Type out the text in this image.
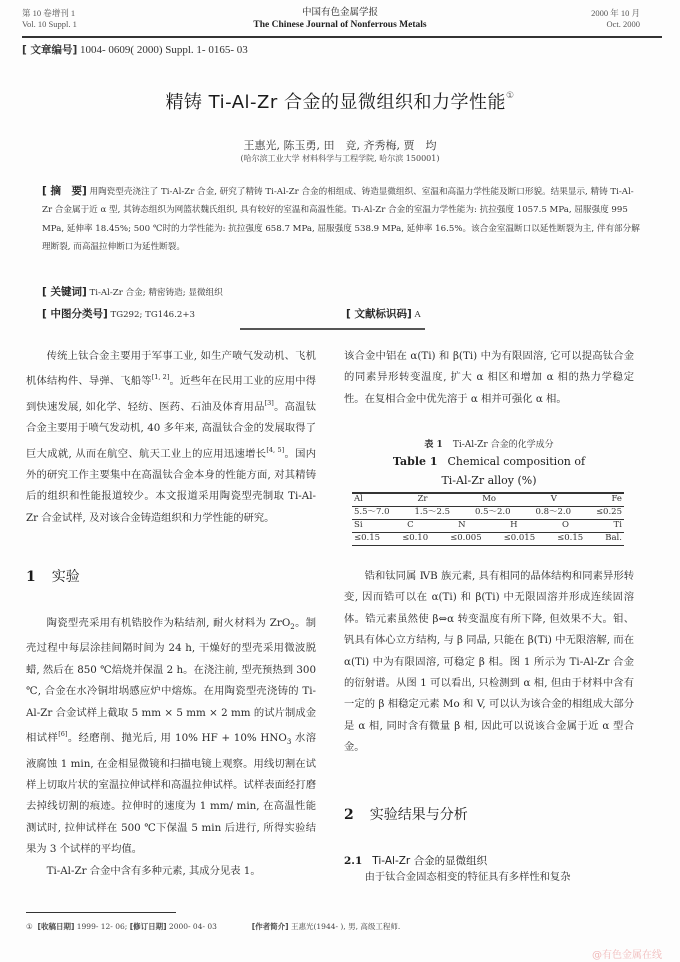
第 10 卷增刊 1
Vol. 10 Suppl. 1
中国有色金属学报
The Chinese Journal of Nonferrous Metals
2000 年 10 月
Oct. 2000
[ 文章编号] 1004- 0609( 2000) Suppl. 1- 0165- 03
精铸 Ti-Al-Zr 合金的显微组织和力学性能①
王惠光, 陈玉勇, 田　竞, 齐秀梅, 贾　均
(哈尔滨工业大学 材料科学与工程学院, 哈尔滨 150001)
[ 摘　要] 用陶瓷型壳浇注了 Ti-Al-Zr 合金, 研究了精铸 Ti-Al-Zr 合金的相组成、铸造显微组织、室温和高温力学性能及断口形貌。结果显示, 精铸 Ti-Al-Zr 合金属于近 α 型, 其铸态组织为网篮状魏氏组织, 具有较好的室温和高温性能。Ti-Al-Zr 合金的室温力学性能为: 抗拉强度 1057.5 MPa, 屈服强度 995 MPa, 延伸率 18.45%; 500 ℃时的力学性能为: 抗拉强度 658.7 MPa, 屈服强度 538.9 MPa, 延伸率 16.5%。该合金室温断口以延性断裂为主, 伴有部分解理断裂, 而高温拉伸断口为延性断裂。
[ 关键词] Ti-Al-Zr 合金; 精密铸造; 显微组织
[ 中图分类号] TG292; TG146.2+3	[ 文献标识码] A

传统上钛合金主要用于军事工业, 如生产喷气发动机、飞机机体结构件、导弹、飞船等[1, 2]。近些年在民用工业的应用中得到快速发展, 如化学、轻纺、医药、石油及体育用品[3]。高温钛合金主要用于喷气发动机, 40 多年来, 高温钛合金的发展取得了巨大成就, 从而在航空、航天工业上的应用迅速增长[4, 5]。国内外的研究工作主要集中在高温钛合金本身的性能方面, 对其精铸后的组织和性能报道较少。本文报道采用陶瓷型壳制取 Ti-Al-Zr 合金试样, 及对该合金铸造组织和力学性能的研究。

1 实验

陶瓷型壳采用有机锆胶作为粘结剂, 耐火材料为 ZrO$_2$。制壳过程中每层涂挂间隔时间为 24 h, 干燥好的型壳采用微波脱蜡, 然后在 850 ℃焙烧并保温 2 h。在浇注前, 型壳预热到 300 ℃, 合金在水冷铜坩埚感应炉中熔炼。在用陶瓷型壳浇铸的 Ti-Al-Zr 合金试样上截取 5 mm × 5 mm × 2 mm 的试片制成金相试样[6]。经磨削、抛光后, 用 10% HF + 10% $HNO_3$ 水溶液腐蚀 1 min, 在金相显微镜和扫描电镜上观察。用线切割在试样上切取片状的室温拉伸试样和高温拉伸试样。试样表面经打磨去掉线切割的痕迹。拉伸时的速度为 1 mm/ min, 在高温性能测试时, 拉伸试样在 500 ℃下保温 5 min 后进行, 所得实验结果为 3 个试样的平均值。

Ti-Al-Zr 合金中含有多种元素, 其成分见表 1。

该合金中铝在 α(Ti) 和 β(Ti) 中为有限固溶, 它可以提高钛合金的同素异形转变温度, 扩大 α 相区和增加 α 相的热力学稳定性。在复相合金中优先溶于 α 相并可强化 α 相。
表 1 Ti-Al-Zr 合金的化学成分
Table 1 Chemical composition of
Ti-Al-Zr alloy (%)
Al	Zr	Mo	V	Fe
5.5～7.0	1.5～2.5	0.5～2.0	0.8～2.0	≤0.25
Si	C	N	H	O	Ti
≤0.15	≤0.10	≤0.005	≤0.015	≤0.15	Bal.

锆和钛同属 ⅣB 族元素, 具有相同的晶体结构和同素异形转变, 因而锆可以在 α(Ti) 和 β(Ti) 中无限固溶并形成连续固溶体。锆元素虽然使 β⇔α 转变温度有所下降, 但效果不大。钼、钒具有体心立方结构, 与 β 同晶, 只能在 β(Ti) 中无限溶解, 而在 α(Ti) 中为有限固溶, 可稳定 β 相。图 1 所示为 Ti-Al-Zr 合金的衍射谱。从图 1 可以看出, 只检测到 α 相, 但由于材料中含有一定的 β 相稳定元素 Mo 和 V, 可以认为该合金的相组成大部分是 α 相, 同时含有微量 β 相, 因此可以说该合金属于近 α 型合金。

2 实验结果与分析
2.1 Ti-Al-Zr 合金的显微组织

由于钛合金固态相变的特征具有多样性和复杂

① [收稿日期] 1999- 12- 06; [修订日期] 2000- 04- 03	[作者简介] 王惠光(1944- ), 男, 高级工程师.
@有色金属在线
